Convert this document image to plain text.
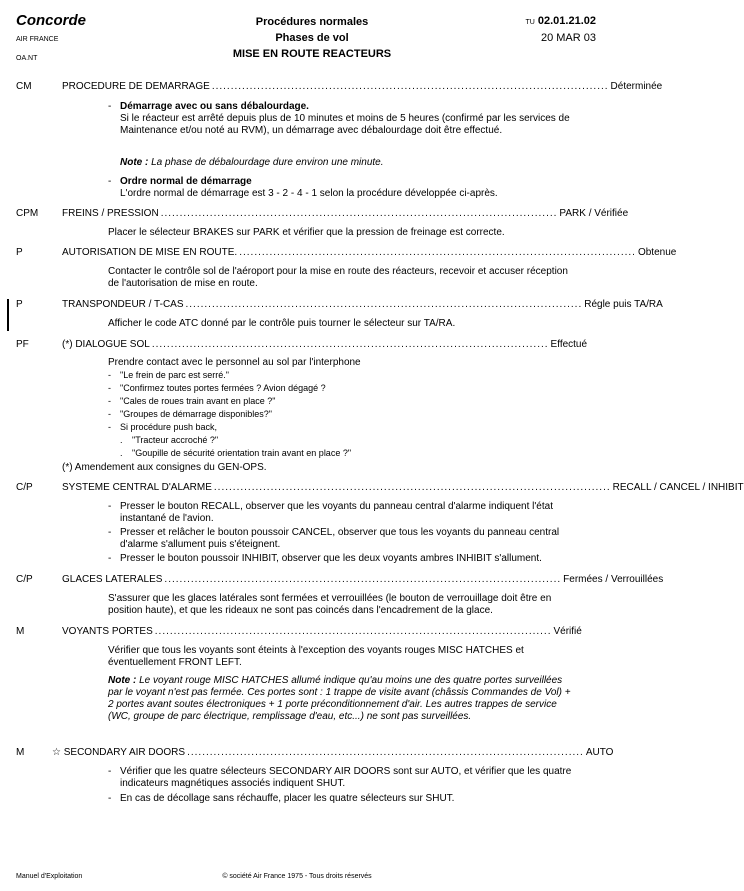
Concorde
AIR FRANCE
OA.NT
Procédures normales
Phases de vol
MISE EN ROUTE REACTEURS
TU 02.01.21.02
20 MAR 03
CM	PROCEDURE DE DEMARRAGE ......................................................................................................... Déterminée
- Démarrage avec ou sans débalourdage.
Si le réacteur est arrêté depuis plus de 10 minutes et moins de 5 heures (confirmé par les services de Maintenance et/ou noté au RVM), un démarrage avec débalourdage doit être effectué.
Note : La phase de débalourdage dure environ une minute.
- Ordre normal de démarrage
L'ordre normal de démarrage est 3 - 2 - 4 - 1 selon la procédure développée ci-après.
CPM FREINS / PRESSION ......................................................................................................... PARK / Vérifiée
Placer le sélecteur BRAKES sur PARK et vérifier que la pression de freinage est correcte.
P	AUTORISATION DE MISE EN ROUTE. ......................................................................................................... Obtenue
Contacter le contrôle sol de l'aéroport pour la mise en route des réacteurs, recevoir et accuser réception de l'autorisation de mise en route.
P	TRANSPONDEUR / T-CAS ......................................................................................................... Régle puis TA/RA
Afficher le code ATC donné par le contrôle puis tourner le sélecteur sur TA/RA.
PF	(*) DIALOGUE SOL ......................................................................................................... Effectué
Prendre contact avec le personnel au sol par l'interphone
- "Le frein de parc est serré."
- "Confirmez toutes portes fermées ? Avion dégagé ?
- "Cales de roues train avant en place ?"
- "Groupes de démarrage disponibles?"
- Si procédure push back,
. "Tracteur accroché ?"
. "Goupille de sécurité orientation train avant en place ?"
(*) Amendement aux consignes du GEN-OPS.
C/P	SYSTEME CENTRAL D'ALARME ......................................................................................................... RECALL / CANCEL / INHIBIT
- Presser le bouton RECALL, observer que les voyants du panneau central d'alarme indiquent l'état instantané de l'avion.
- Presser et relâcher le bouton poussoir CANCEL, observer que tous les voyants du panneau central d'alarme s'allument puis s'éteignent.
- Presser le bouton poussoir INHIBIT, observer que les deux voyants ambres INHIBIT s'allument.
C/P	GLACES LATERALES ......................................................................................................... Fermées / Verrouillées
S'assurer que les glaces latérales sont fermées et verrouillées (le bouton de verrouillage doit être en position haute), et que les rideaux ne sont pas coincés dans l'encadrement de la glace.
M	VOYANTS PORTES ......................................................................................................... Vérifié
Vérifier que tous les voyants sont éteints à l'exception des voyants rouges MISC HATCHES et éventuellement FRONT LEFT.
Note : Le voyant rouge MISC HATCHES allumé indique qu'au moins une des quatre portes surveillées par le voyant n'est pas fermée. Ces portes sont : 1 trappe de visite avant (châssis Commandes de Vol) + 2 portes avant soutes électroniques + 1 porte préconditionnement d'air. Les autres trappes de service (WC, groupe de parc électrique, remplissage d'eau, etc...) ne sont pas surveillées.
M	☆ SECONDARY AIR DOORS ......................................................................................................... AUTO
- Vérifier que les quatre sélecteurs SECONDARY AIR DOORS sont sur AUTO, et vérifier que les quatre indicateurs magnétiques associés indiquent SHUT.
- En cas de décollage sans réchauffe, placer les quatre sélecteurs sur SHUT.
Manuel d'Exploitation	© société Air France 1975 - Tous droits réservés
